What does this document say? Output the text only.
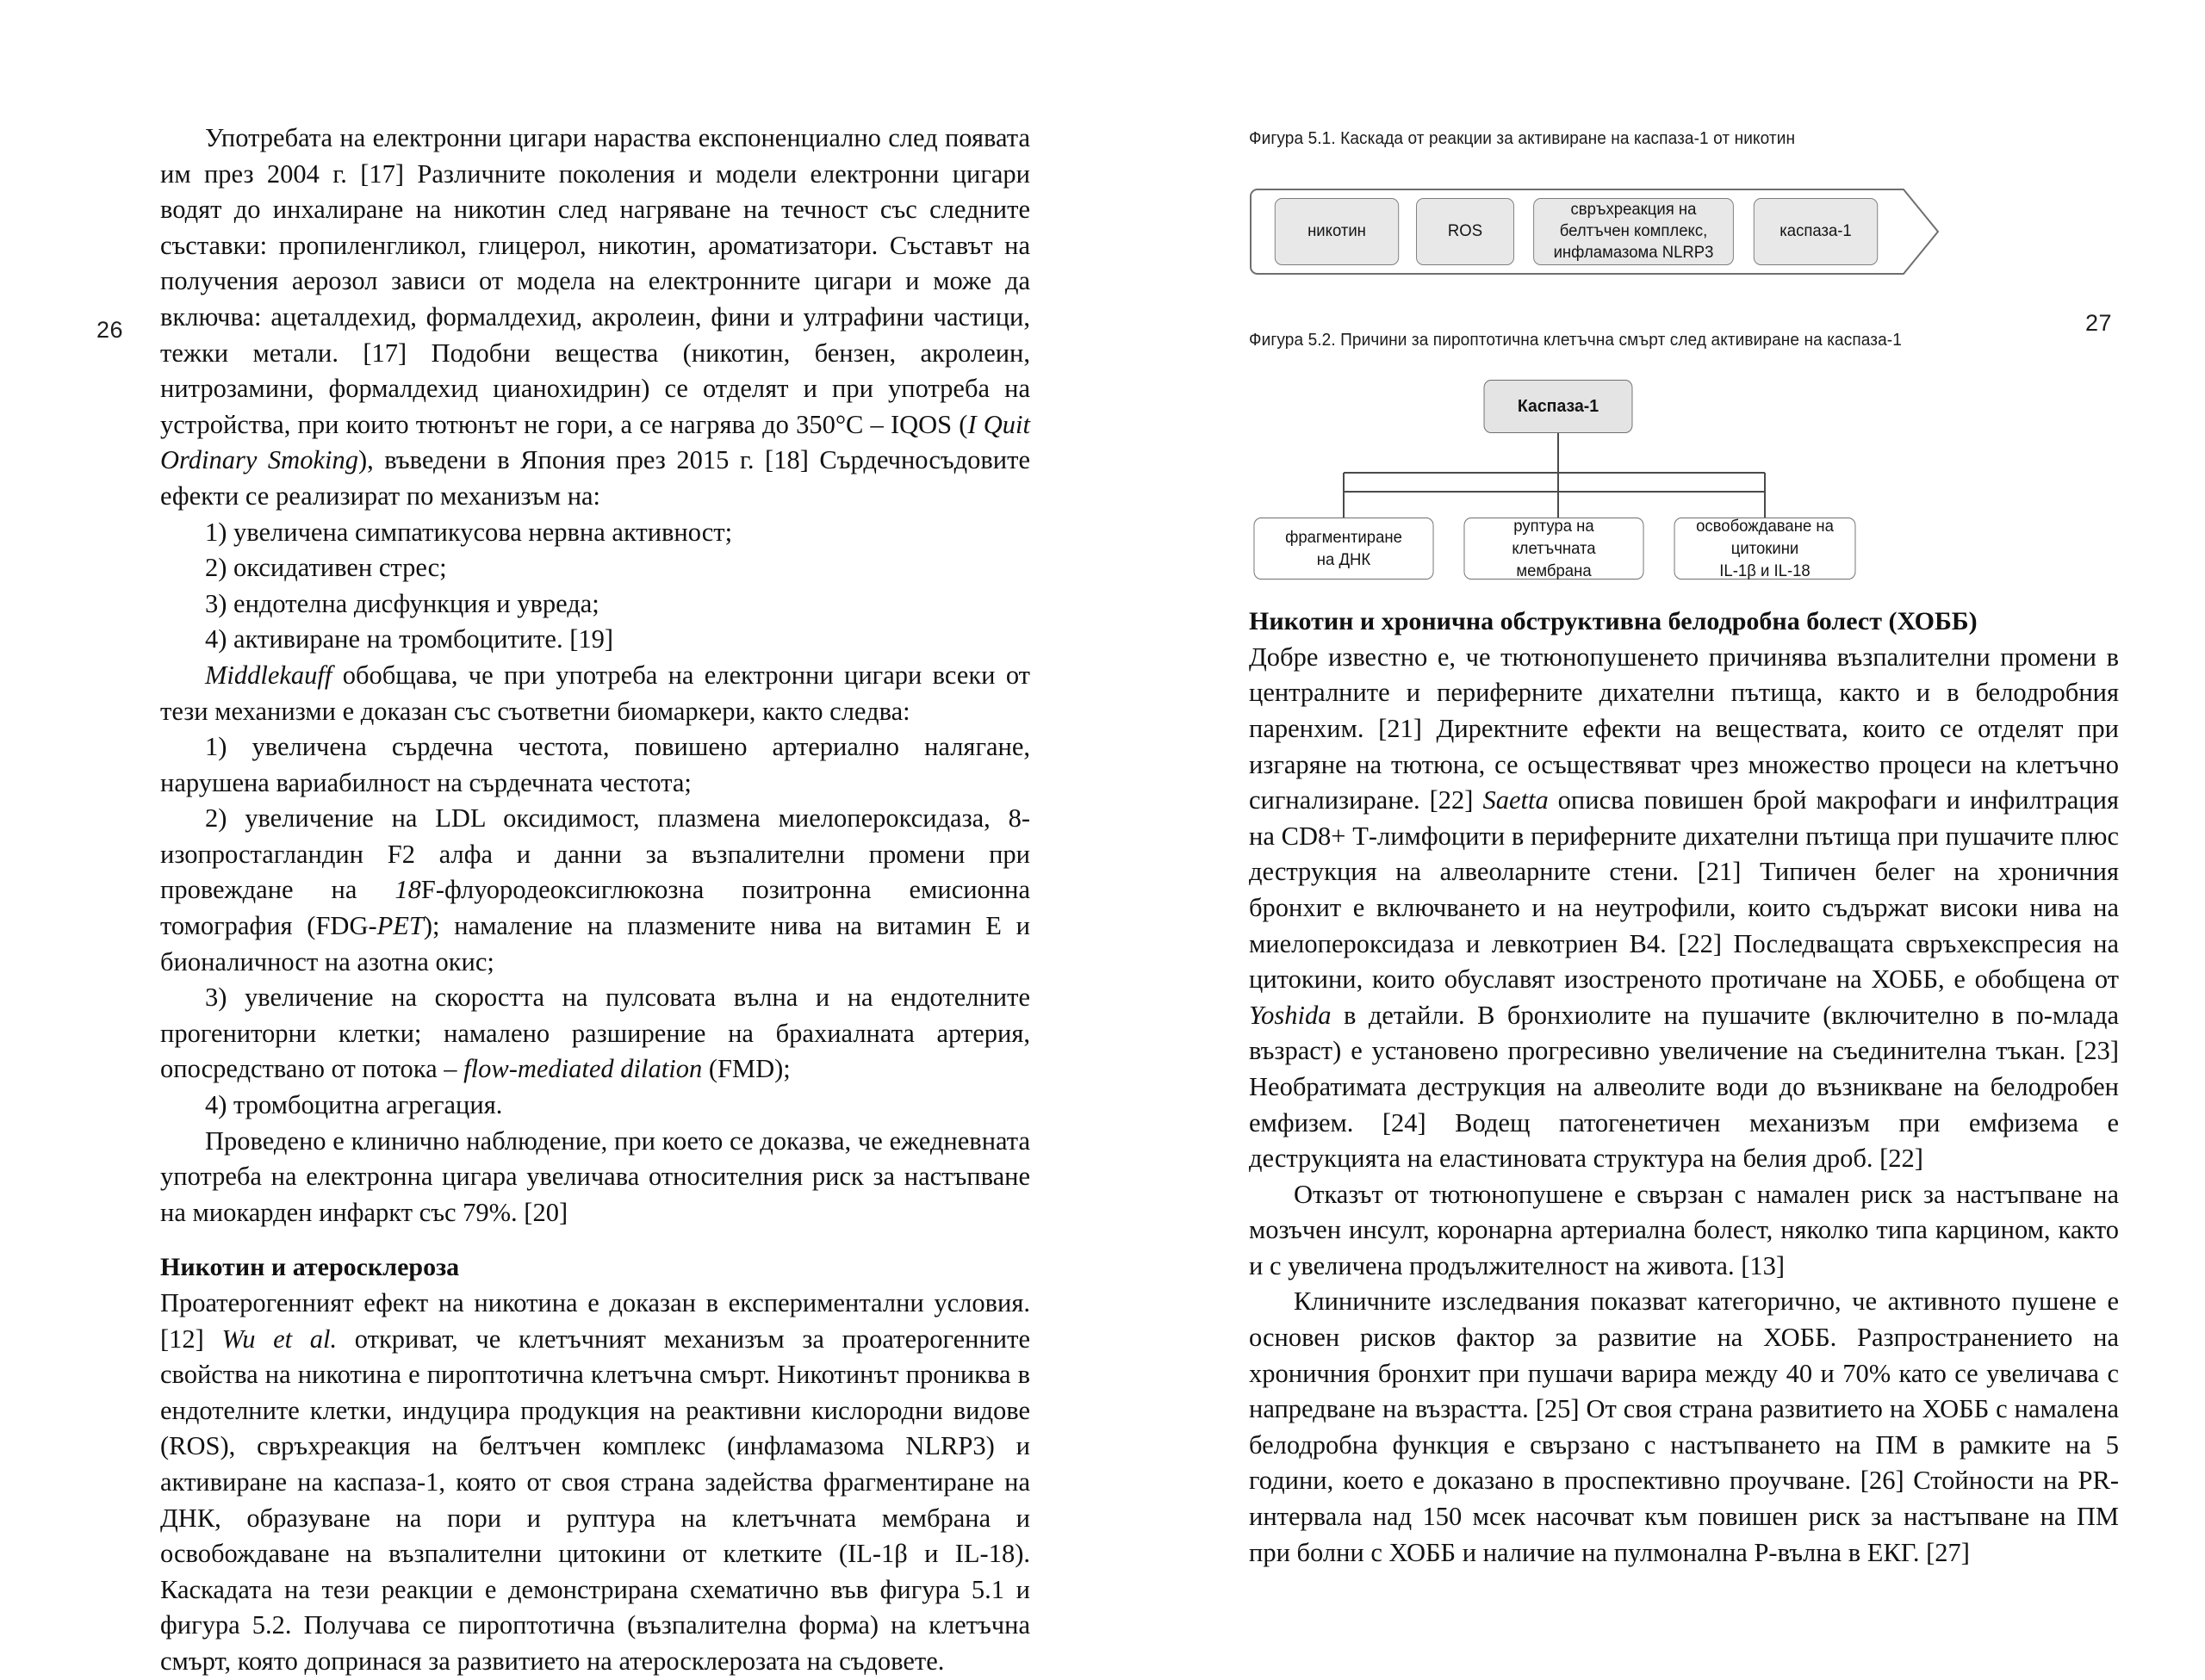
26

Употребата на електронни цигари нараства експоненциално след появата им през 2004 г. [17] Различните поколения и модели електронни цигари водят до инхалиране на никотин след нагряване на течност със следните съставки: пропиленгликол, глицерол, никотин, ароматизатори. Съставът на получения аерозол зависи от модела на електронните цигари и може да включва: ацеталдехид, формалдехид, акролеин, фини и ултрафини частици, тежки метали. [17] Подобни вещества (никотин, бензен, акролеин, нитрозамини, формалдехид цианохидрин) се отделят и при употреба на устройства, при които тютюнът не гори, а се нагрява до 350°C – IQOS (I Quit Ordinary Smoking), въведени в Япония през 2015 г. [18] Сърдечносъдовите ефекти се реализират по механизъм на:

1) увеличена симпатикусова нервна активност;

2) оксидативен стрес;

3) ендотелна дисфункция и увреда;

4) активиране на тромбоцитите. [19]

Middlekauff обобщава, че при употреба на електронни цигари всеки от тези механизми е доказан със съответни биомаркери, както следва:

1) увеличена сърдечна честота, повишено артериално налягане, нарушена вариабилност на сърдечната честота;

2) увеличение на LDL оксидимост, плазмена миелопероксидаза, 8-изопростагландин F2 алфа и данни за възпалителни промени при провеждане на 18F-флуородеоксиглюкозна позитронна емисионна томография (FDG-PET); намаление на плазмените нива на витамин Е и бионаличност на азотна окис;

3) увеличение на скоростта на пулсовата вълна и на ендотелните прогениторни клетки; намалено разширение на брахиалната артерия, опосредствано от потока – flow-mediated dilation (FMD);

4) тромбоцитна агрегация.

Проведено е клинично наблюдение, при което се доказва, че ежедневната употреба на електронна цигара увеличава относителния риск за настъпване на миокарден инфаркт със 79%. [20]

Никотин и атеросклероза

Проатерогенният ефект на никотина е доказан в експериментални условия. [12] Wu et al. откриват, че клетъчният механизъм за проатерогенните свойства на никотина е пироптотична клетъчна смърт. Никотинът прониква в ендотелните клетки, индуцира продукция на реактивни кислородни видове (ROS), свръхреакция на белтъчен комплекс (инфламазома NLRP3) и активиране на каспаза-1, която от своя страна задейства фрагментиране на ДНК, образуване на пори и руптура на клетъчната мембрана и освобождаване на възпалителни цитокини от клетките (IL-1β и IL-18). Каскадата на тези реакции е демонстрирана схематично във фигура 5.1 и фигура 5.2. Получава се пироптотична (възпалителна форма) на клетъчна смърт, която допринася за развитието на атеросклерозата на съдовете.

27
Фигура 5.1. Каскада от реакции за активиране на каспаза-1 от никотин
никотин	ROS
свръхреакция на
белтъчен комплекс,
инфламазома NLRP3
каспаза-1
Фигура 5.2. Причини за пироптотична клетъчна смърт след активиране на каспаза-1
Каспаза-1
фрагментиране
на ДНК
руптура на
клетъчната
мембрана
освобождаване на
цитокини
IL-1β и IL-18
Никотин и хронична обструктивна белодробна болест (ХОББ)

Добре известно е, че тютюнопушенето причинява възпалителни промени в централните и периферните дихателни пътища, както и в белодробния паренхим. [21] Директните ефекти на веществата, които се отделят при изгаряне на тютюна, се осъществяват чрез множество процеси на клетъчно сигнализиране. [22] Saetta описва повишен брой макрофаги и инфилтрация на CD8+ Т-лимфоцити в периферните дихателни пътища при пушачите плюс деструкция на алвеоларните стени. [21] Типичен белег на хроничния бронхит е включването и на неутрофили, които съдържат високи нива на миелопероксидаза и левкотриен В4. [22] Последващата свръхекспресия на цитокини, които обуславят изостреното протичане на ХОББ, е обобщена от Yoshida в детайли. В бронхиолите на пушачите (включително в по-млада възраст) е установено прогресивно увеличение на съединителна тъкан. [23] Необратимата деструкция на алвеолите води до възникване на белодробен емфизем. [24] Водещ патогенетичен механизъм при емфизема е деструкцията на еластиновата структура на белия дроб. [22]

Отказът от тютюнопушене е свързан с намален риск за настъпване на мозъчен инсулт, коронарна артериална болест, няколко типа карцином, както и с увеличена продължителност на живота. [13]

Клиничните изследвания показват категорично, че активното пушене е основен рисков фактор за развитие на ХОББ. Разпространението на хроничния бронхит при пушачи варира между 40 и 70% като се увеличава с напредване на възрастта. [25] От своя страна развитието на ХОББ с намалена белодробна функция е свързано с настъпването на ПМ в рамките на 5 години, което е доказано в проспективно проучване. [26] Стойности на PR-интервала над 150 мсек насочват към повишен риск за настъпване на ПМ при болни с ХОББ и наличие на пулмонална P-вълна в ЕКГ. [27]
